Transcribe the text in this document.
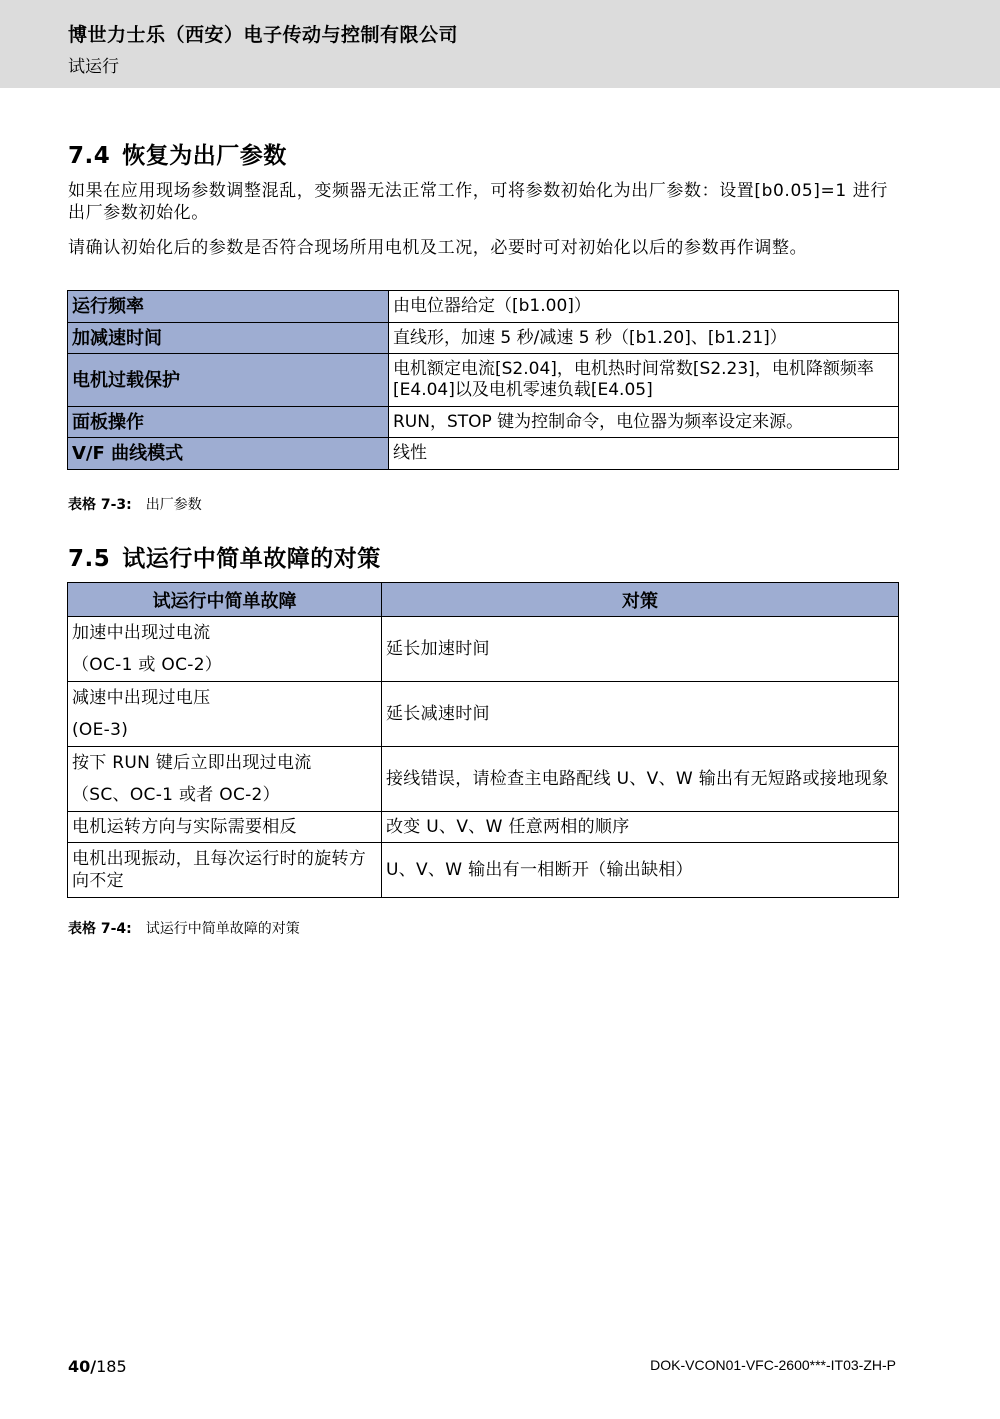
博世力士乐（西安）电子传动与控制有限公司
试运行
7.4 恢复为出厂参数
如果在应用现场参数调整混乱，变频器无法正常工作，可将参数初始化为出厂参数：设置[b0.05]=1 进行出厂参数初始化。
请确认初始化后的参数是否符合现场所用电机及工况，必要时可对初始化以后的参数再作调整。
运行频率	由电位器给定（[b1.00]）
加减速时间	直线形，加速 5 秒/减速 5 秒（[b1.20]、[b1.21]）
电机过载保护	电机额定电流[S2.04]，电机热时间常数[S2.23]，电机降额频率[E4.04]以及电机零速负载[E4.05]
面板操作	RUN，STOP 键为控制命令，电位器为频率设定来源。
V/F 曲线模式	线性
表格 7-3: 出厂参数
7.5 试运行中简单故障的对策
试运行中简单故障	对策

加速中出现过电流
（OC-1 或 OC-2）	延长加速时间

减速中出现过电压
(OE-3)	延长减速时间

按下 RUN 键后立即出现过电流
（SC、OC-1 或者 OC-2）	接线错误，请检查主电路配线 U、V、W 输出有无短路或接地现象
电机运转方向与实际需要相反	改变 U、V、W 任意两相的顺序
电机出现振动，且每次运行时的旋转方向不定	U、V、W 输出有一相断开（输出缺相）
表格 7-4: 试运行中简单故障的对策
40/185	DOK-VCON01-VFC-2600***-IT03-ZH-P
